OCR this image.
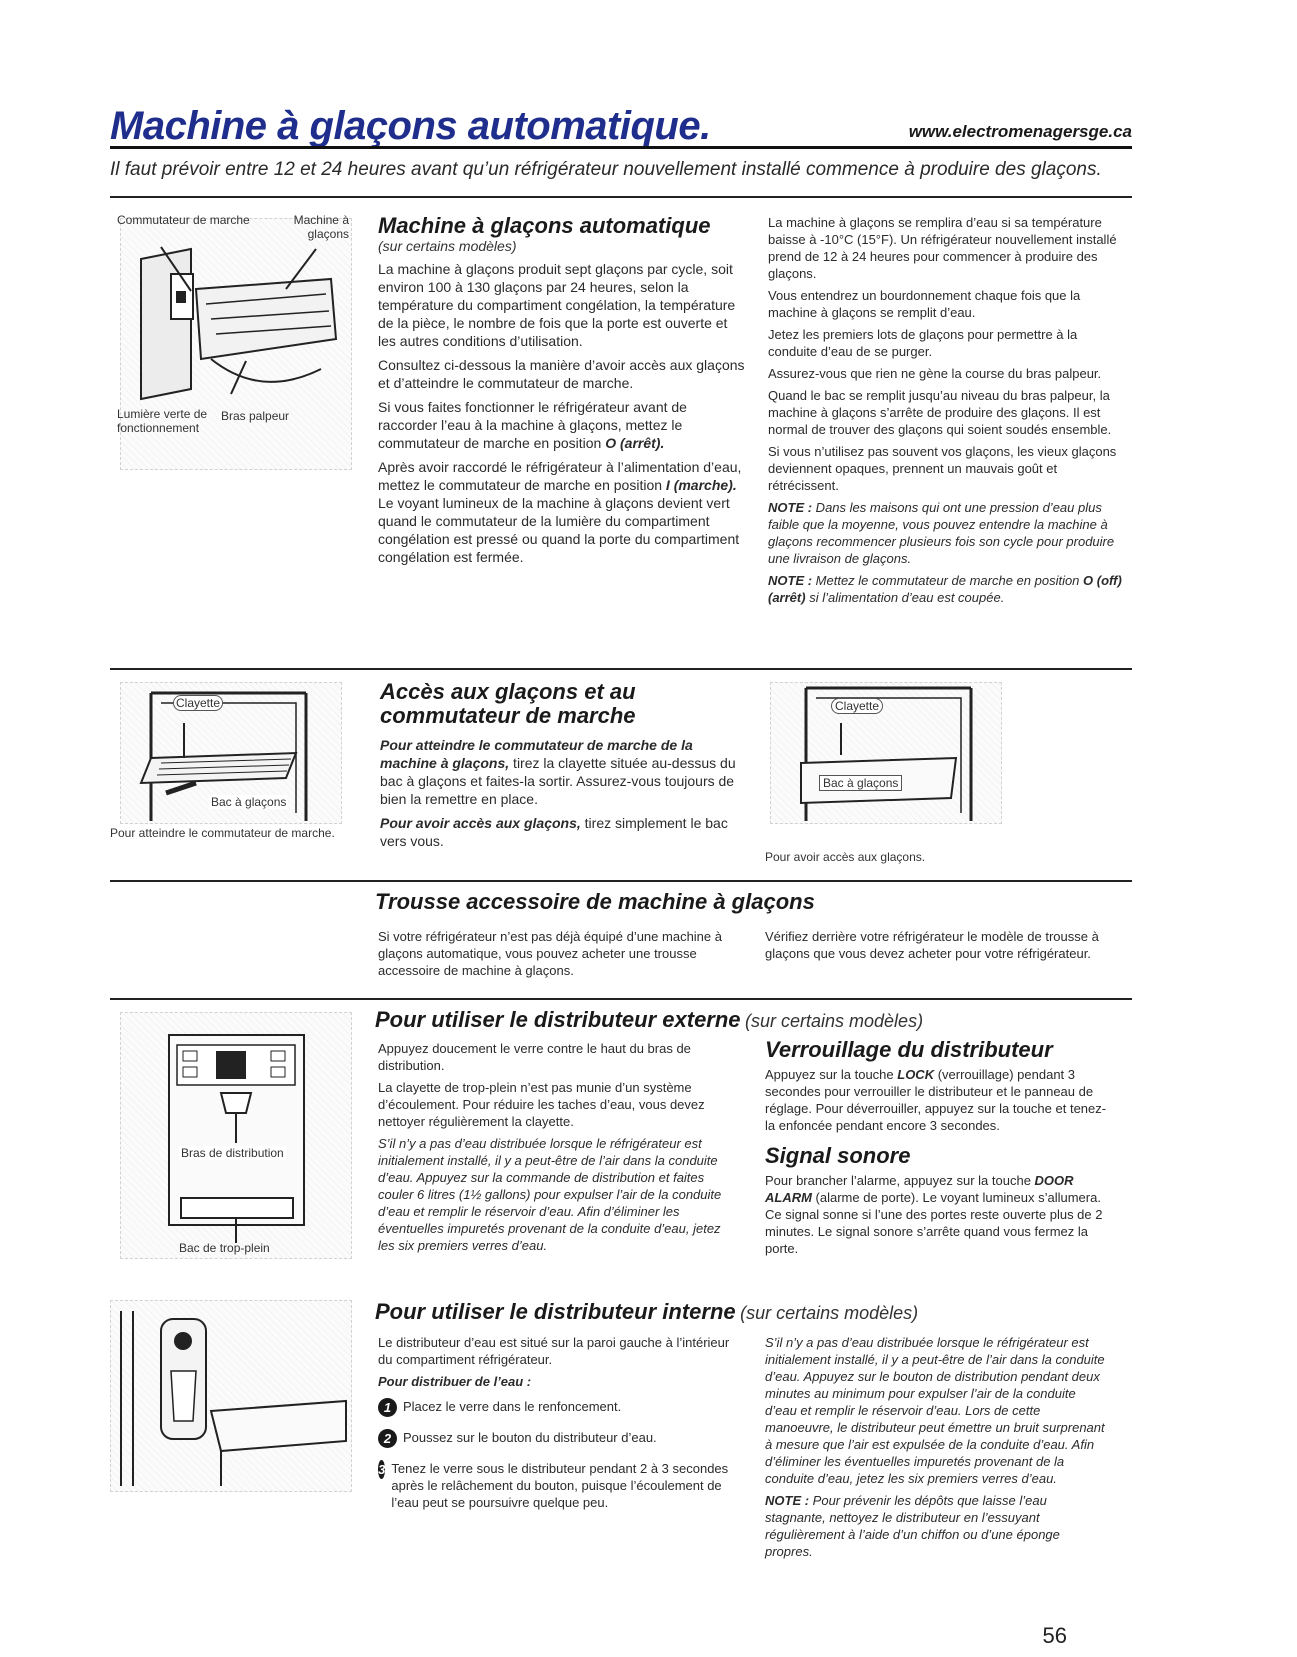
Machine à glaçons automatique.	www.electromenagersge.ca
Il faut prévoir entre 12 et 24 heures avant qu’un réfrigérateur nouvellement installé commence à produire des glaçons.
Commutateur de marche	Machine à glaçons
Lumière verte de fonctionnement
Bras palpeur
Machine à glaçons automatique
(sur certains modèles)

La machine à glaçons produit sept glaçons par cycle, soit environ 100 à 130 glaçons par 24 heures, selon la température du compartiment congélation, la température de la pièce, le nombre de fois que la porte est ouverte et les autres conditions d’utilisation.

Consultez ci-dessous la manière d’avoir accès aux glaçons et d’atteindre le commutateur de marche.

Si vous faites fonctionner le réfrigérateur avant de raccorder l’eau à la machine à glaçons, mettez le commutateur de marche en position O (arrêt).

Après avoir raccordé le réfrigérateur à l’alimentation d’eau, mettez le commutateur de marche en position I (marche). Le voyant lumineux de la machine à glaçons devient vert quand le commutateur de la lumière du compartiment congélation est pressé ou quand la porte du compartiment congélation est fermée.

La machine à glaçons se remplira d’eau si sa température baisse à -10°C (15°F). Un réfrigérateur nouvellement installé prend de 12 à 24 heures pour commencer à produire des glaçons.

Vous entendrez un bourdonnement chaque fois que la machine à glaçons se remplit d’eau.

Jetez les premiers lots de glaçons pour permettre à la conduite d’eau de se purger.

Assurez-vous que rien ne gène la course du bras palpeur.

Quand le bac se remplit jusqu’au niveau du bras palpeur, la machine à glaçons s’arrête de produire des glaçons. Il est normal de trouver des glaçons qui soient soudés ensemble.

Si vous n’utilisez pas souvent vos glaçons, les vieux glaçons deviennent opaques, prennent un mauvais goût et rétrécissent.

NOTE : Dans les maisons qui ont une pression d’eau plus faible que la moyenne, vous pouvez entendre la machine à glaçons recommencer plusieurs fois son cycle pour produire une livraison de glaçons.

NOTE : Mettez le commutateur de marche en position O (off) (arrêt) si l’alimentation d’eau est coupée.

Clayette
Bac à glaçons
Pour atteindre le commutateur de marche.
Accès aux glaçons et au commutateur de marche

Pour atteindre le commutateur de marche de la machine à glaçons, tirez la clayette située au-dessus du bac à glaçons et faites-la sortir. Assurez-vous toujours de bien la remettre en place.

Pour avoir accès aux glaçons, tirez simplement le bac vers vous.

Clayette
Bac à glaçons
Pour avoir accès aux glaçons.
Trousse accessoire de machine à glaçons
Si votre réfrigérateur n’est pas déjà équipé d’une machine à glaçons automatique, vous pouvez acheter une trousse accessoire de machine à glaçons.
Vérifiez derrière votre réfrigérateur le modèle de trousse à glaçons que vous devez acheter pour votre réfrigérateur.
Bras de distribution
Bac de trop-plein
Pour utiliser le distributeur externe (sur certains modèles)

Appuyez doucement le verre contre le haut du bras de distribution.

La clayette de trop-plein n’est pas munie d’un système d’écoulement. Pour réduire les taches d’eau, vous devez nettoyer régulièrement la clayette.

S’il n’y a pas d’eau distribuée lorsque le réfrigérateur est initialement installé, il y a peut-être de l’air dans la conduite d’eau. Appuyez sur la commande de distribution et faites couler 6 litres (1½ gallons) pour expulser l’air de la conduite d’eau et remplir le réservoir d’eau. Afin d’éliminer les éventuelles impuretés provenant de la conduite d’eau, jetez les six premiers verres d’eau.

Verrouillage du distributeur
Appuyez sur la touche LOCK (verrouillage) pendant 3 secondes pour verrouiller le distributeur et le panneau de réglage. Pour déverrouiller, appuyez sur la touche et tenez-la enfoncée pendant encore 3 secondes.
Signal sonore
Pour brancher l’alarme, appuyez sur la touche DOOR ALARM (alarme de porte). Le voyant lumineux s’allumera. Ce signal sonne si l’une des portes reste ouverte plus de 2 minutes. Le signal sonore s’arrête quand vous fermez la porte.
Pour utiliser le distributeur interne (sur certains modèles)

Le distributeur d’eau est situé sur la paroi gauche à l’intérieur du compartiment réfrigérateur.

Pour distribuer de l’eau :

1 Placez le verre dans le renfoncement.
2 Poussez sur le bouton du distributeur d’eau.
3 Tenez le verre sous le distributeur pendant 2 à 3 secondes après le relâchement du bouton, puisque l’écoulement de l’eau peut se poursuivre quelque peu.

S’il n’y a pas d’eau distribuée lorsque le réfrigérateur est initialement installé, il y a peut-être de l’air dans la conduite d’eau. Appuyez sur le bouton de distribution pendant deux minutes au minimum pour expulser l’air de la conduite d’eau et remplir le réservoir d’eau. Lors de cette manoeuvre, le distributeur peut émettre un bruit surprenant à mesure que l’air est expulsée de la conduite d’eau. Afin d’éliminer les éventuelles impuretés provenant de la conduite d’eau, jetez les six premiers verres d’eau.

NOTE : Pour prévenir les dépôts que laisse l’eau stagnante, nettoyez le distributeur en l’essuyant régulièrement à l’aide d’un chiffon ou d’une éponge propres.

56
